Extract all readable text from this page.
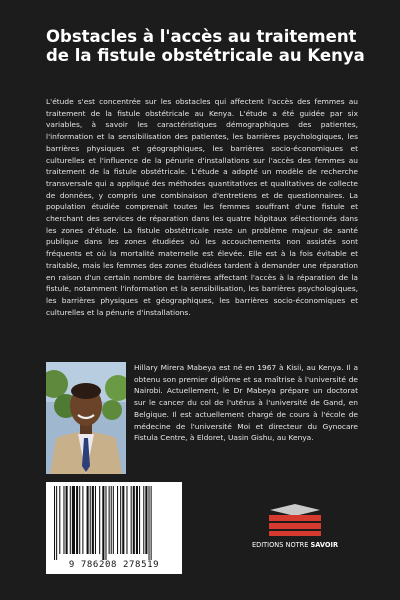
Obstacles à l'accès au traitement de la fistule obstétricale au Kenya

L'étude s'est concentrée sur les obstacles qui affectent l'accès des femmes au traitement de la fistule obstétricale au Kenya. L'étude a été guidée par six variables, à savoir les caractéristiques démographiques des patientes, l'information et la sensibilisation des patientes, les barrières psychologiques, les barrières physiques et géographiques, les barrières socio-économiques et culturelles et l'influence de la pénurie d'installations sur l'accès des femmes au traitement de la fistule obstétricale. L'étude a adopté un modèle de recherche transversale qui a appliqué des méthodes quantitatives et qualitatives de collecte de données, y compris une combinaison d'entretiens et de questionnaires. La population étudiée comprenait toutes les femmes souffrant d'une fistule et cherchant des services de réparation dans les quatre hôpitaux sélectionnés dans les zones d'étude. La fistule obstétricale reste un problème majeur de santé publique dans les zones étudiées où les accouchements non assistés sont fréquents et où la mortalité maternelle est élevée. Elle est à la fois évitable et traitable, mais les femmes des zones étudiées tardent à demander une réparation en raison d'un certain nombre de barrières affectant l'accès à la réparation de la fistule, notamment l'information et la sensibilisation, les barrières psychologiques, les barrières physiques et géographiques, les barrières socio-économiques et culturelles et la pénurie d'installations.

Hillary Mirera Mabeya est né en 1967 à Kisii, au Kenya. Il a obtenu son premier diplôme et sa maîtrise à l'université de Nairobi. Actuellement, le Dr Mabeya prépare un doctorat sur le cancer du col de l'utérus à l'université de Gand, en Belgique. Il est actuellement chargé de cours à l'école de médecine de l'université Moi et directeur du Gynocare Fistula Centre, à Eldoret, Uasin Gishu, au Kenya.

9 786208 278519
EDITIONS NOTRE SAVOIR
